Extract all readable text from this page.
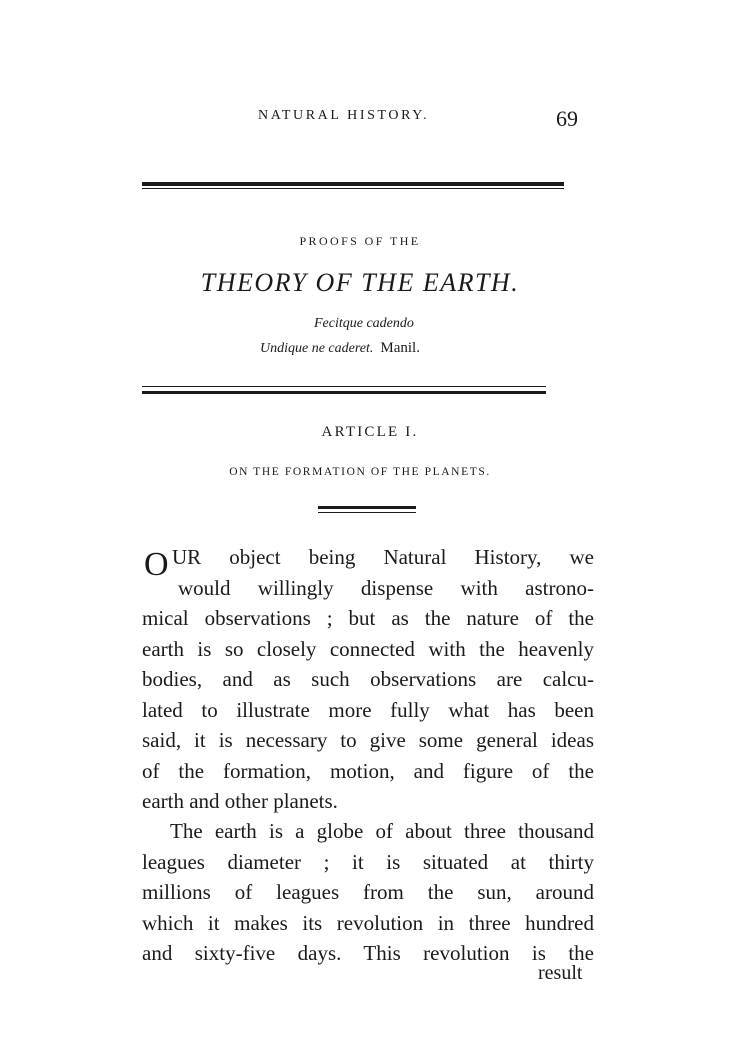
NATURAL HISTORY.	69
PROOFS OF THE
THEORY OF THE EARTH.
Fecitque cadendo
Undique ne caderet. Manil.
ARTICLE I.
ON THE FORMATION OF THE PLANETS.
O UR object being Natural History, we
would willingly dispense with astrono-
mical observations ; but as the nature of the
earth is so closely connected with the heavenly
bodies, and as such observations are calcu-
lated to illustrate more fully what has been
said, it is necessary to give some general ideas
of the formation, motion, and figure of the
earth and other planets.
The earth is a globe of about three thousand
leagues diameter ; it is situated at thirty
millions of leagues from the sun, around
which it makes its revolution in three hundred
and sixty-five days. This revolution is the
result
